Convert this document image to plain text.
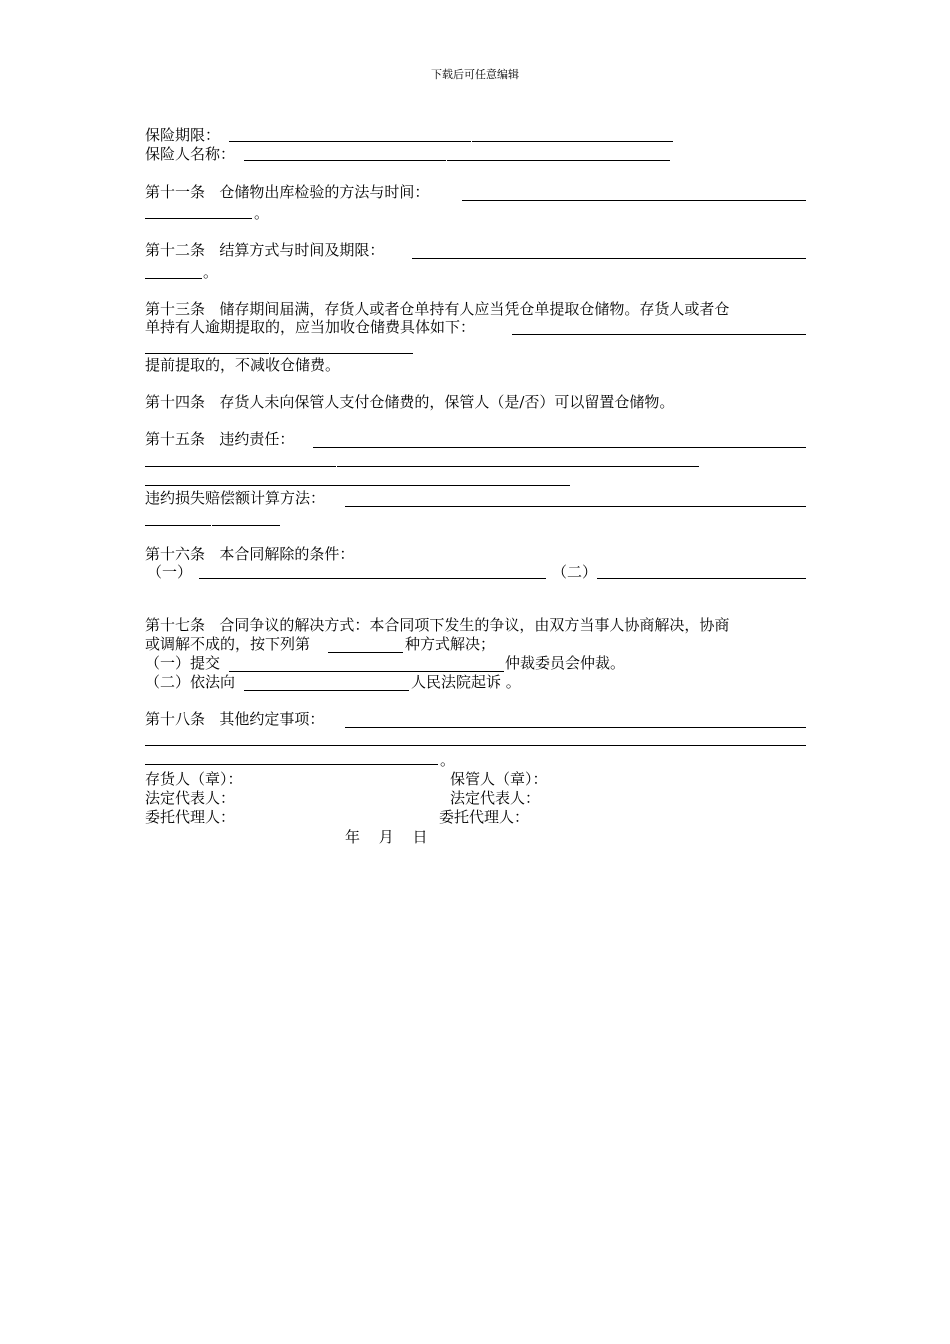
下载后可任意编辑
保险期限：
保险人名称：
第十一条 仓储物出库检验的方法与时间：
。
第十二条 结算方式与时间及期限：
。
第十三条 储存期间届满，存货人或者仓单持有人应当凭仓单提取仓储物。存货人或者仓
单持有人逾期提取的，应当加收仓储费具体如下：
提前提取的，不减收仓储费。
第十四条 存货人未向保管人支付仓储费的，保管人（是/否）可以留置仓储物。
第十五条 违约责任：
违约损失赔偿额计算方法：
第十六条 本合同解除的条件：
（一）	（二）
第十七条 合同争议的解决方式：本合同项下发生的争议，由双方当事人协商解决，协商
或调解不成的，按下列第	种方式解决；
（一）提交	仲裁委员会仲裁。
（二）依法向	人民法院起诉 。
第十八条 其他约定事项：
。
存货人（章）：	保管人（章）：
法定代表人：	法定代表人：
委托代理人：	委托代理人：
年 月 日
